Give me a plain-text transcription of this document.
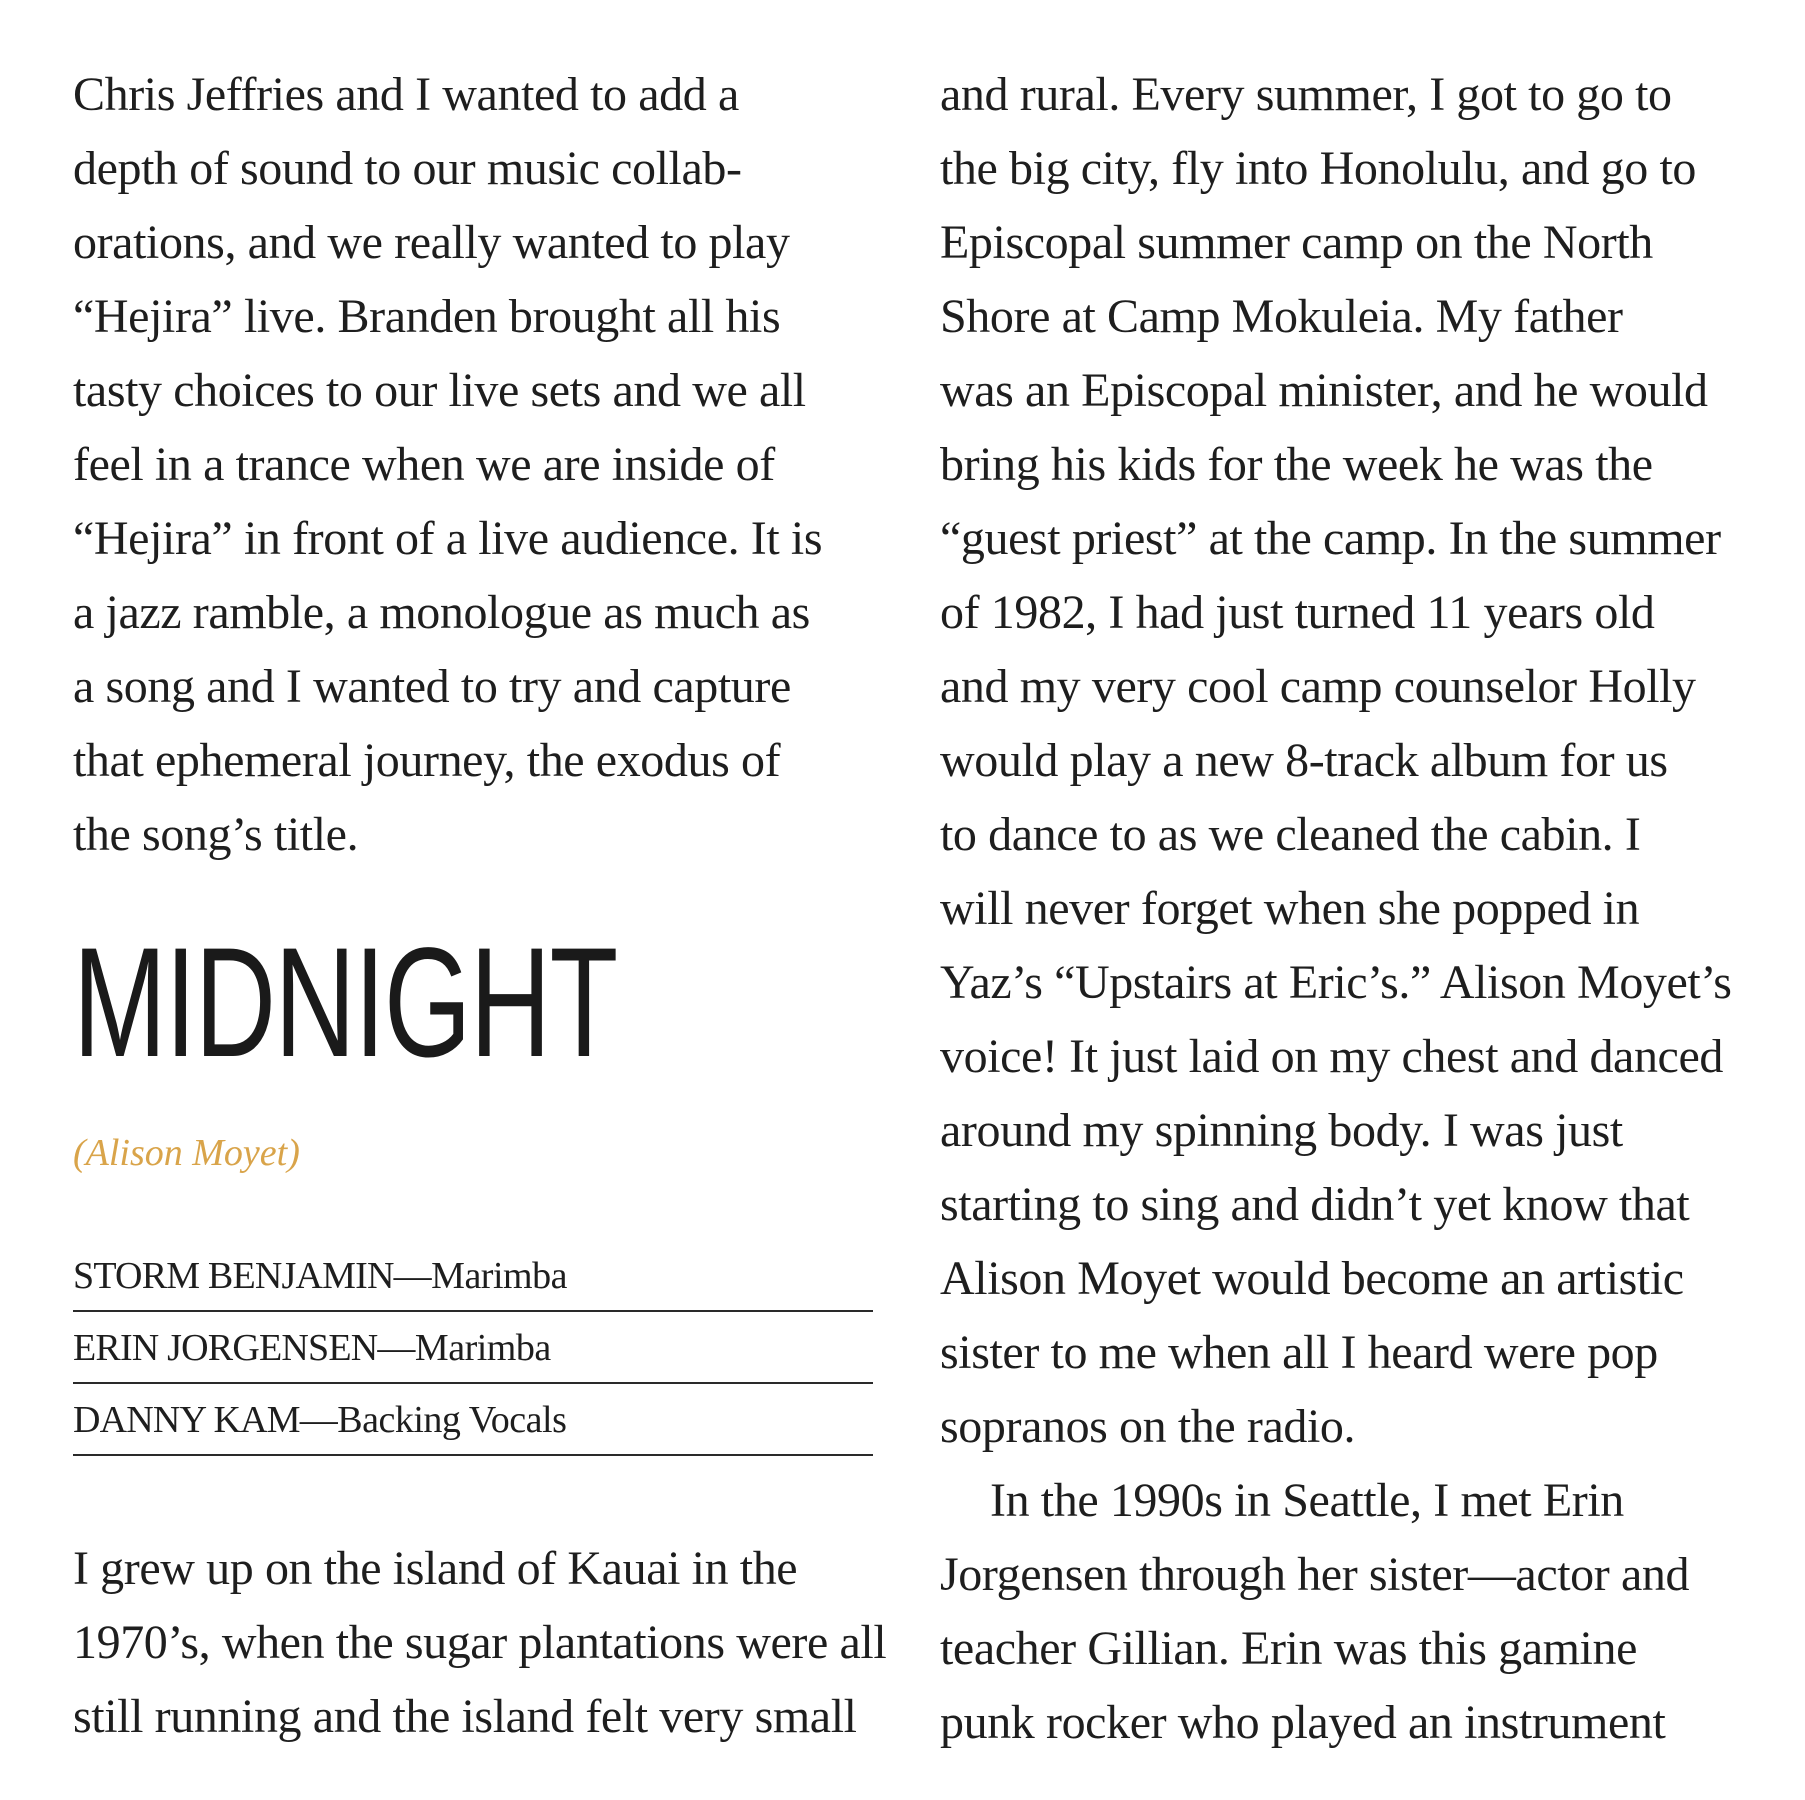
Chris Jeffries and I wanted to add a
depth of sound to our music collab-
orations, and we really wanted to play
“Hejira” live. Branden brought all his
tasty choices to our live sets and we all
feel in a trance when we are inside of
“Hejira” in front of a live audience. It is
a jazz ramble, a monologue as much as
a song and I wanted to try and capture
that ephemeral journey, the exodus of
the song’s title.
MIDNIGHT
(Alison Moyet)
STORM BENJAMIN—Marimba
ERIN JORGENSEN—Marimba
DANNY KAM—Backing Vocals
I grew up on the island of Kauai in the
1970’s, when the sugar plantations were all
still running and the island felt very small
and rural. Every summer, I got to go to
the big city, fly into Honolulu, and go to
Episcopal summer camp on the North
Shore at Camp Mokuleia. My father
was an Episcopal minister, and he would
bring his kids for the week he was the
“guest priest” at the camp. In the summer
of 1982, I had just turned 11 years old
and my very cool camp counselor Holly
would play a new 8-track album for us
to dance to as we cleaned the cabin. I
will never forget when she popped in
Yaz’s “Upstairs at Eric’s.” Alison Moyet’s
voice! It just laid on my chest and danced
around my spinning body. I was just
starting to sing and didn’t yet know that
Alison Moyet would become an artistic
sister to me when all I heard were pop
sopranos on the radio.
In the 1990s in Seattle, I met Erin
Jorgensen through her sister—actor and
teacher Gillian. Erin was this gamine
punk rocker who played an instrument
